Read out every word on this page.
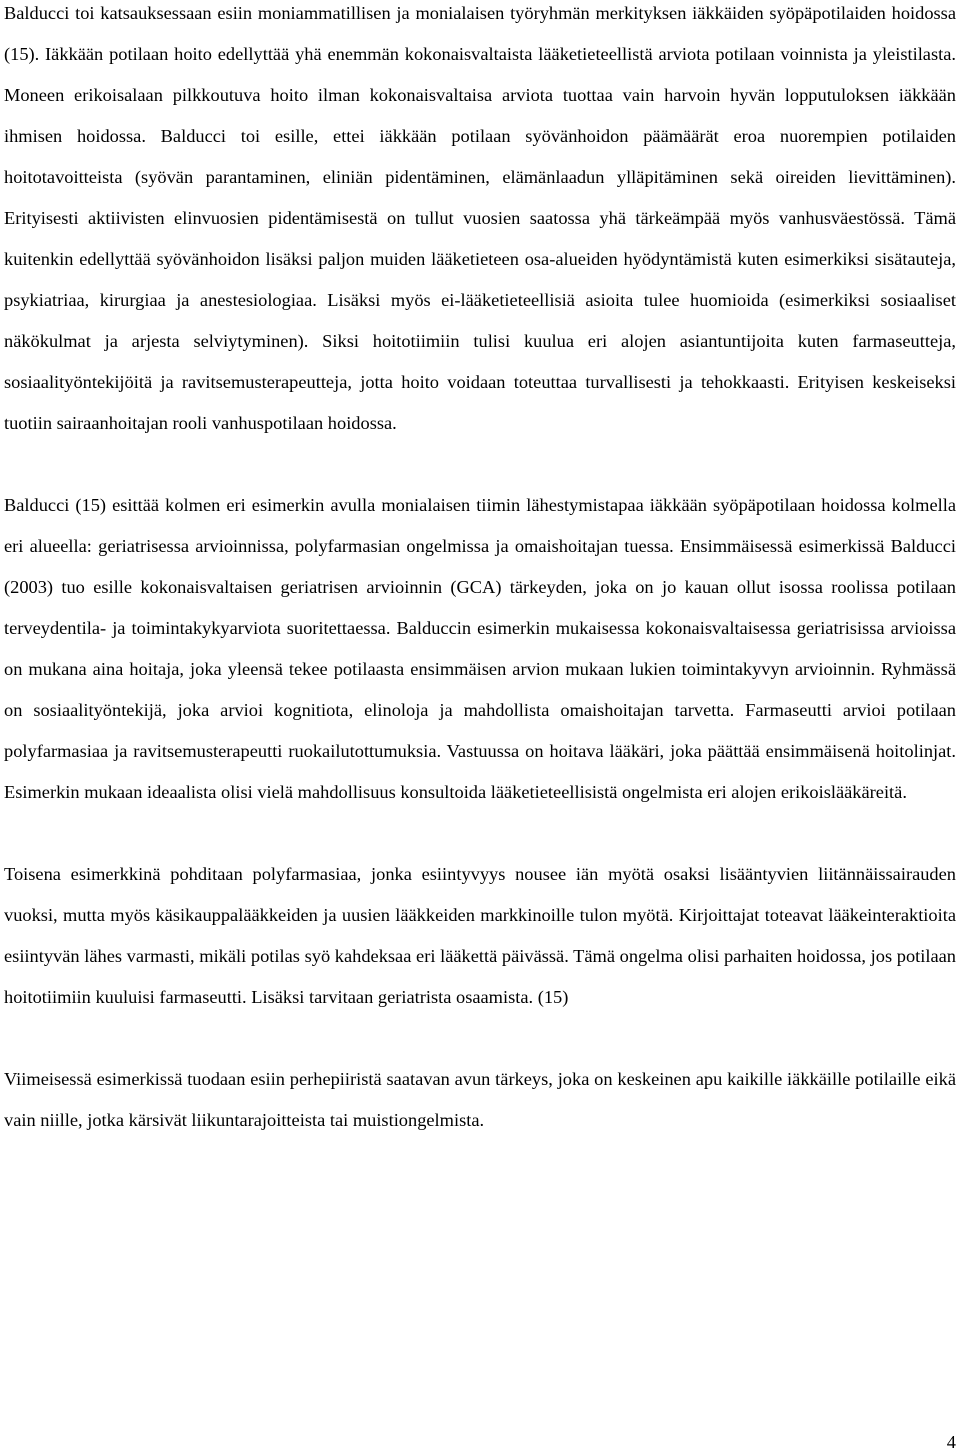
Balducci toi katsauksessaan esiin moniammatillisen ja monialaisen työryhmän merkityksen iäkkäiden syöpäpotilaiden hoidossa (15). Iäkkään potilaan hoito edellyttää yhä enemmän kokonaisvaltaista lääketieteellistä arviota potilaan voinnista ja yleistilasta. Moneen erikoisalaan pilkkoutuva hoito ilman kokonaisvaltaisa arviota tuottaa vain harvoin hyvän lopputuloksen iäkkään ihmisen hoidossa. Balducci toi esille, ettei iäkkään potilaan syövänhoidon päämäärät eroa nuorempien potilaiden hoitotavoitteista (syövän parantaminen, eliniän pidentäminen, elämänlaadun ylläpitäminen sekä oireiden lievittäminen). Erityisesti aktiivisten elinvuosien pidentämisestä on tullut vuosien saatossa yhä tärkeämpää myös vanhusväestössä. Tämä kuitenkin edellyttää syövänhoidon lisäksi paljon muiden lääketieteen osa-alueiden hyödyntämistä kuten esimerkiksi sisätauteja, psykiatriaa, kirurgiaa ja anestesiologiaa. Lisäksi myös ei-lääketieteellisiä asioita tulee huomioida (esimerkiksi sosiaaliset näkökulmat ja arjesta selviytyminen). Siksi hoitotiimiin tulisi kuulua eri alojen asiantuntijoita kuten farmaseutteja, sosiaalityöntekijöitä ja ravitsemusterapeutteja, jotta hoito voidaan toteuttaa turvallisesti ja tehokkaasti. Erityisen keskeiseksi tuotiin sairaanhoitajan rooli vanhuspotilaan hoidossa.

Balducci (15) esittää kolmen eri esimerkin avulla monialaisen tiimin lähestymistapaa iäkkään syöpäpotilaan hoidossa kolmella eri alueella: geriatrisessa arvioinnissa, polyfarmasian ongelmissa ja omaishoitajan tuessa. Ensimmäisessä esimerkissä Balducci (2003) tuo esille kokonaisvaltaisen geriatrisen arvioinnin (GCA) tärkeyden, joka on jo kauan ollut isossa roolissa potilaan terveydentila- ja toimintakykyarviota suoritettaessa. Balduccin esimerkin mukaisessa kokonaisvaltaisessa geriatrisissa arvioissa on mukana aina hoitaja, joka yleensä tekee potilaasta ensimmäisen arvion mukaan lukien toimintakyvyn arvioinnin. Ryhmässä on sosiaalityöntekijä, joka arvioi kognitiota, elinoloja ja mahdollista omaishoitajan tarvetta. Farmaseutti arvioi potilaan polyfarmasiaa ja ravitsemusterapeutti ruokailutottumuksia. Vastuussa on hoitava lääkäri, joka päättää ensimmäisenä hoitolinjat. Esimerkin mukaan ideaalista olisi vielä mahdollisuus konsultoida lääketieteellisistä ongelmista eri alojen erikoislääkäreitä.

Toisena esimerkkinä pohditaan polyfarmasiaa, jonka esiintyvyys nousee iän myötä osaksi lisääntyvien liitännäissairauden vuoksi, mutta myös käsikauppalääkkeiden ja uusien lääkkeiden markkinoille tulon myötä. Kirjoittajat toteavat lääkeinteraktioita esiintyvän lähes varmasti, mikäli potilas syö kahdeksaa eri lääkettä päivässä. Tämä ongelma olisi parhaiten hoidossa, jos potilaan hoitotiimiin kuuluisi farmaseutti. Lisäksi tarvitaan geriatrista osaamista. (15)

Viimeisessä esimerkissä tuodaan esiin perhepiiristä saatavan avun tärkeys, joka on keskeinen apu kaikille iäkkäille potilaille eikä vain niille, jotka kärsivät liikuntarajoitteista tai muistiongelmista.

4
